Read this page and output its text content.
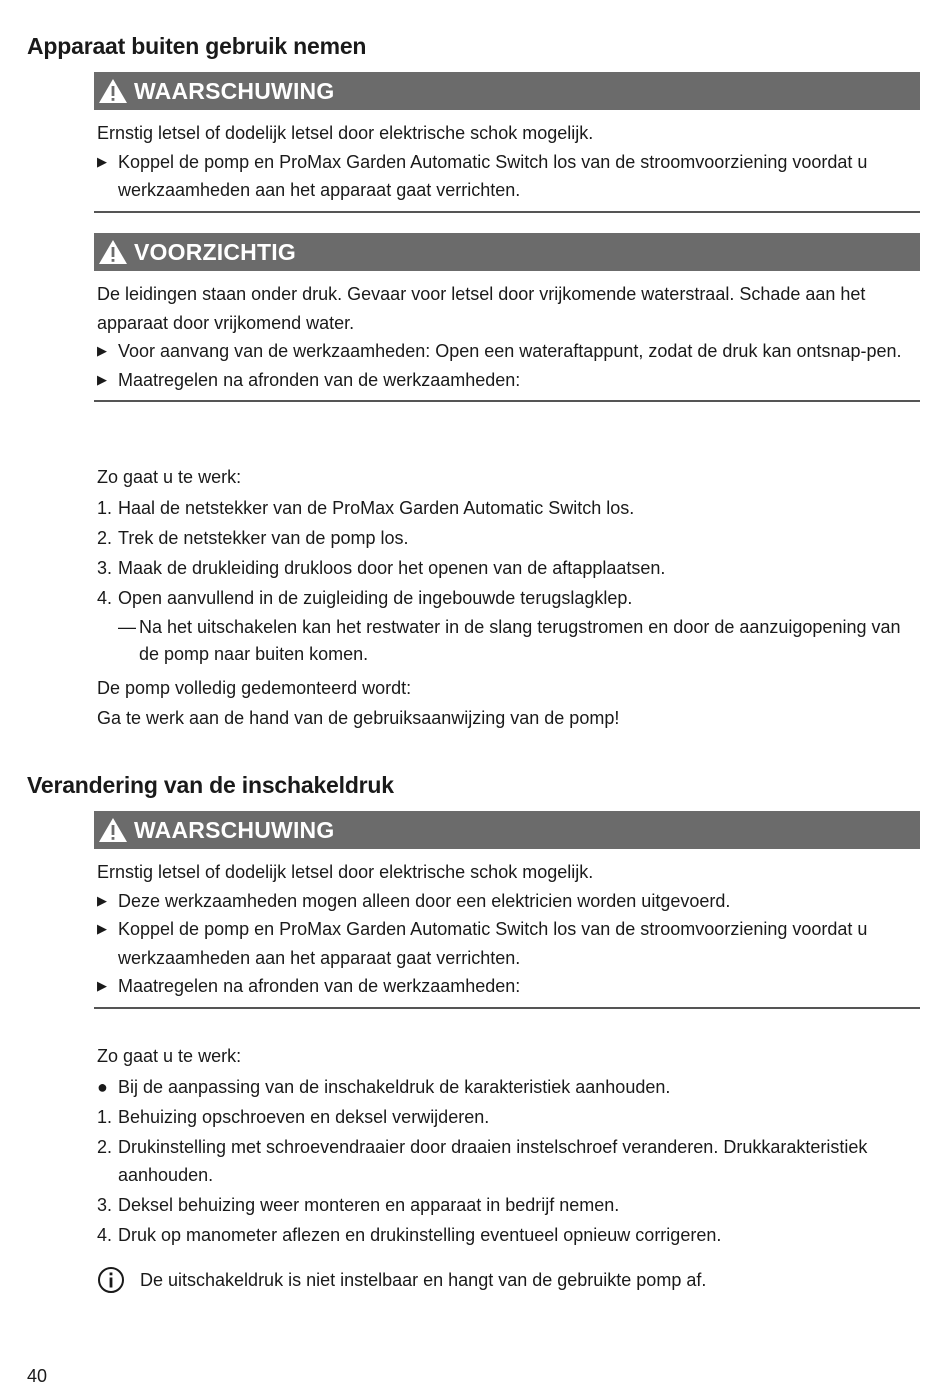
Apparaat buiten gebruik nemen
WAARSCHUWING
Ernstig letsel of dodelijk letsel door elektrische schok mogelijk.
▶ Koppel de pomp en ProMax Garden Automatic Switch los van de stroomvoorziening voordat u werkzaamheden aan het apparaat gaat verrichten.
VOORZICHTIG
De leidingen staan onder druk. Gevaar voor letsel door vrijkomende waterstraal. Schade aan het apparaat door vrijkomend water.
▶ Voor aanvang van de werkzaamheden: Open een wateraftappunt, zodat de druk kan ontsnap-pen.
▶ Maatregelen na afronden van de werkzaamheden:
Zo gaat u te werk:
1. Haal de netstekker van de ProMax Garden Automatic Switch los.
2. Trek de netstekker van de pomp los.
3. Maak de drukleiding drukloos door het openen van de aftapplaatsen.
4. Open aanvullend in de zuigleiding de ingebouwde terugslagklep.
— Na het uitschakelen kan het restwater in de slang terugstromen en door de aanzuigopening van de pomp naar buiten komen.
De pomp volledig gedemonteerd wordt:
Ga te werk aan de hand van de gebruiksaanwijzing van de pomp!
Verandering van de inschakeldruk
WAARSCHUWING
Ernstig letsel of dodelijk letsel door elektrische schok mogelijk.
▶ Deze werkzaamheden mogen alleen door een elektricien worden uitgevoerd.
▶ Koppel de pomp en ProMax Garden Automatic Switch los van de stroomvoorziening voordat u werkzaamheden aan het apparaat gaat verrichten.
▶ Maatregelen na afronden van de werkzaamheden:
Zo gaat u te werk:
● Bij de aanpassing van de inschakeldruk de karakteristiek aanhouden.
1. Behuizing opschroeven en deksel verwijderen.
2. Drukinstelling met schroevendraaier door draaien instelschroef veranderen. Drukkarakteristiek aanhouden.
3. Deksel behuizing weer monteren en apparaat in bedrijf nemen.
4. Druk op manometer aflezen en drukinstelling eventueel opnieuw corrigeren.
De uitschakeldruk is niet instelbaar en hangt van de gebruikte pomp af.
40
